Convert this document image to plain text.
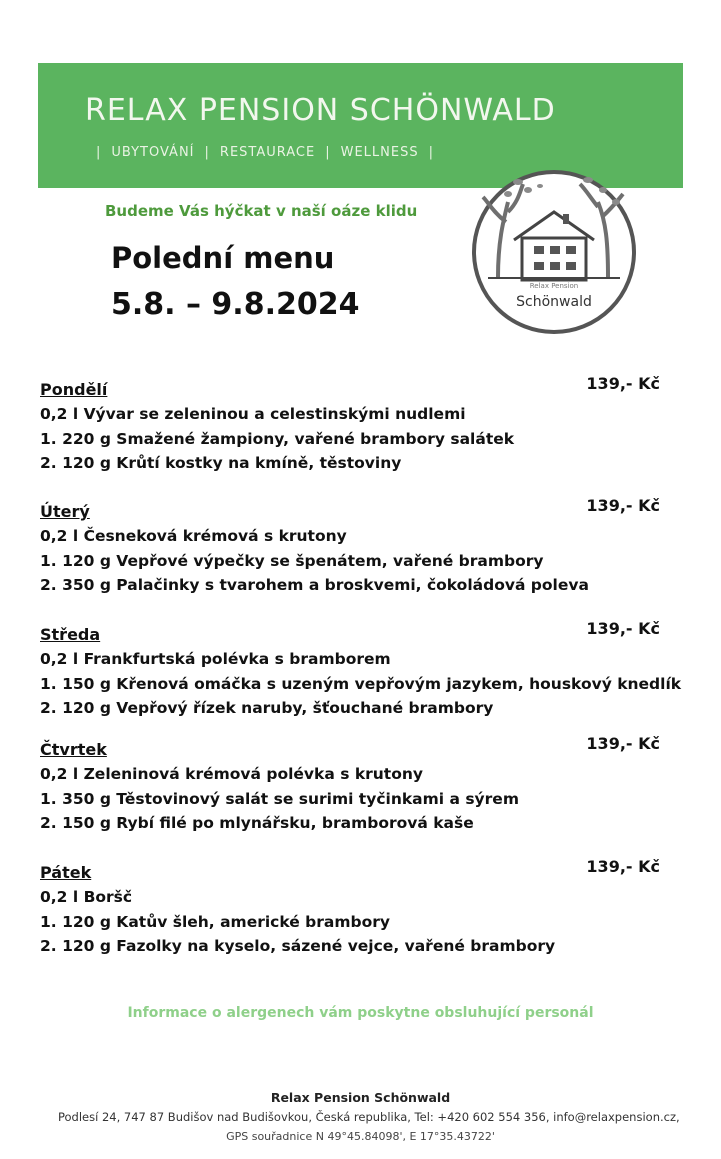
RELAX PENSION SCHÖNWALD
| UBYTOVÁNÍ | RESTAURACE | WELLNESS |
Budeme Vás hýčkat v naší oáze klidu
Polední menu
5.8. – 9.8.2024
Relax Pension
Schönwald
Pondělí	139,- Kč
0,2 l Vývar se zeleninou a celestinskými nudlemi
1. 220 g Smažené žampiony, vařené brambory salátek
2. 120 g Krůtí kostky na kmíně, těstoviny
Úterý	139,- Kč
0,2 l Česneková krémová s krutony
1. 120 g Vepřové výpečky se špenátem, vařené brambory
2. 350 g Palačinky s tvarohem a broskvemi, čokoládová poleva
Středa	139,- Kč
0,2 l Frankfurtská polévka s bramborem
1. 150 g Křenová omáčka s uzeným vepřovým jazykem, houskový knedlík
2. 120 g Vepřový řízek naruby, šťouchané brambory
Čtvrtek	139,- Kč
0,2 l Zeleninová krémová polévka s krutony
1. 350 g Těstovinový salát se surimi tyčinkami a sýrem
2. 150 g Rybí filé po mlynářsku, bramborová kaše
Pátek	139,- Kč
0,2 l Boršč
1. 120 g Katův šleh, americké brambory
2. 120 g Fazolky na kyselo, sázené vejce, vařené brambory
Informace o alergenech vám poskytne obsluhující personál
Relax Pension Schönwald
Podlesí 24, 747 87 Budišov nad Budišovkou, Česká republika, Tel: +420 602 554 356, info@relaxpension.cz,
GPS souřadnice N 49°45.84098', E 17°35.43722'
